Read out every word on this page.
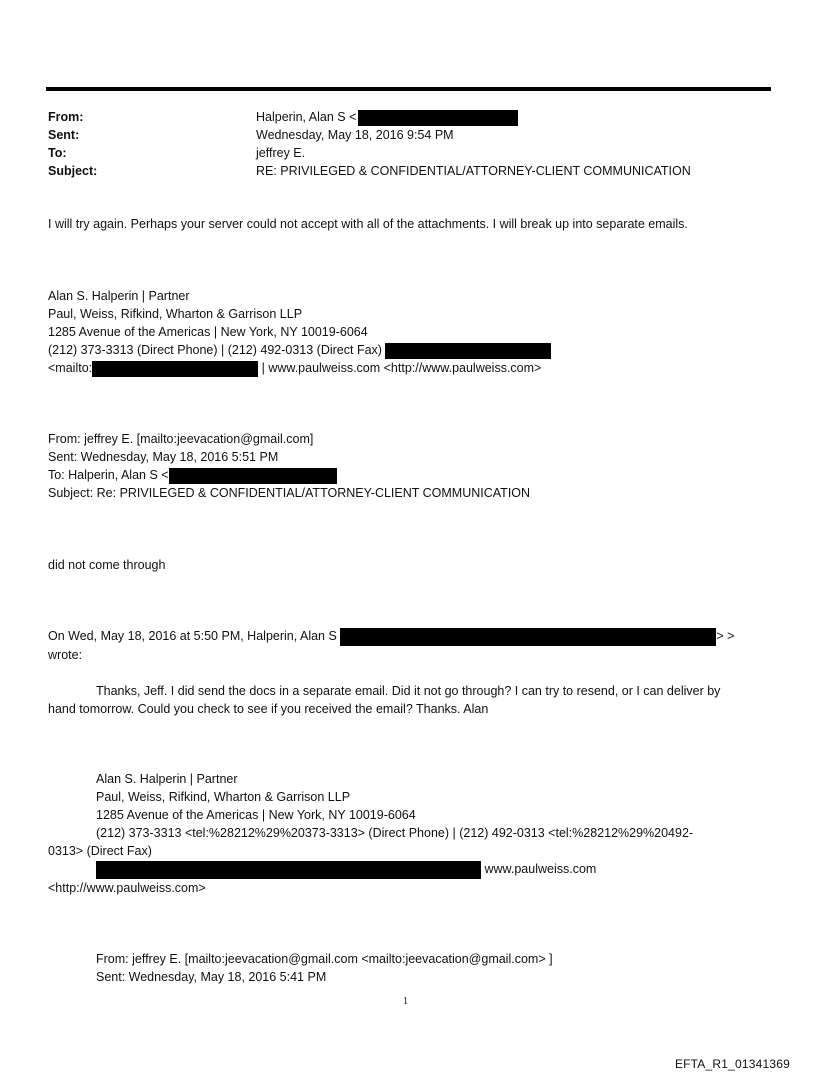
From:	Halperin, Alan S <
Sent:	Wednesday, May 18, 2016 9:54 PM
To:	jeffrey E.
Subject:	RE: PRIVILEGED & CONFIDENTIAL/ATTORNEY-CLIENT COMMUNICATION
I will try again. Perhaps your server could not accept with all of the attachments. I will break up into separate emails.
Alan S. Halperin | Partner
Paul, Weiss, Rifkind, Wharton & Garrison LLP
1285 Avenue of the Americas | New York, NY 10019-6064
(212) 373-3313 (Direct Phone) | (212) 492-0313 (Direct Fax)
<mailto:	| www.paulweiss.com <http://www.paulweiss.com>
From: jeffrey E. [mailto:jeevacation@gmail.com]
Sent: Wednesday, May 18, 2016 5:51 PM
To: Halperin, Alan S <
Subject: Re: PRIVILEGED & CONFIDENTIAL/ATTORNEY-CLIENT COMMUNICATION
did not come through
On Wed, May 18, 2016 at 5:50 PM, Halperin, Alan S	> >
wrote:
Thanks, Jeff. I did send the docs in a separate email. Did it not go through? I can try to resend, or I can deliver by hand tomorrow. Could you check to see if you received the email? Thanks. Alan
Alan S. Halperin | Partner
Paul, Weiss, Rifkind, Wharton & Garrison LLP
1285 Avenue of the Americas | New York, NY 10019-6064
(212) 373-3313 <tel:%28212%29%20373-3313> (Direct Phone) | (212) 492-0313 <tel:%28212%29%20492-
0313> (Direct Fax)
www.paulweiss.com
<http://www.paulweiss.com>
From: jeffrey E. [mailto:jeevacation@gmail.com <mailto:jeevacation@gmail.com> ]
Sent: Wednesday, May 18, 2016 5:41 PM
1
EFTA_R1_01341369
